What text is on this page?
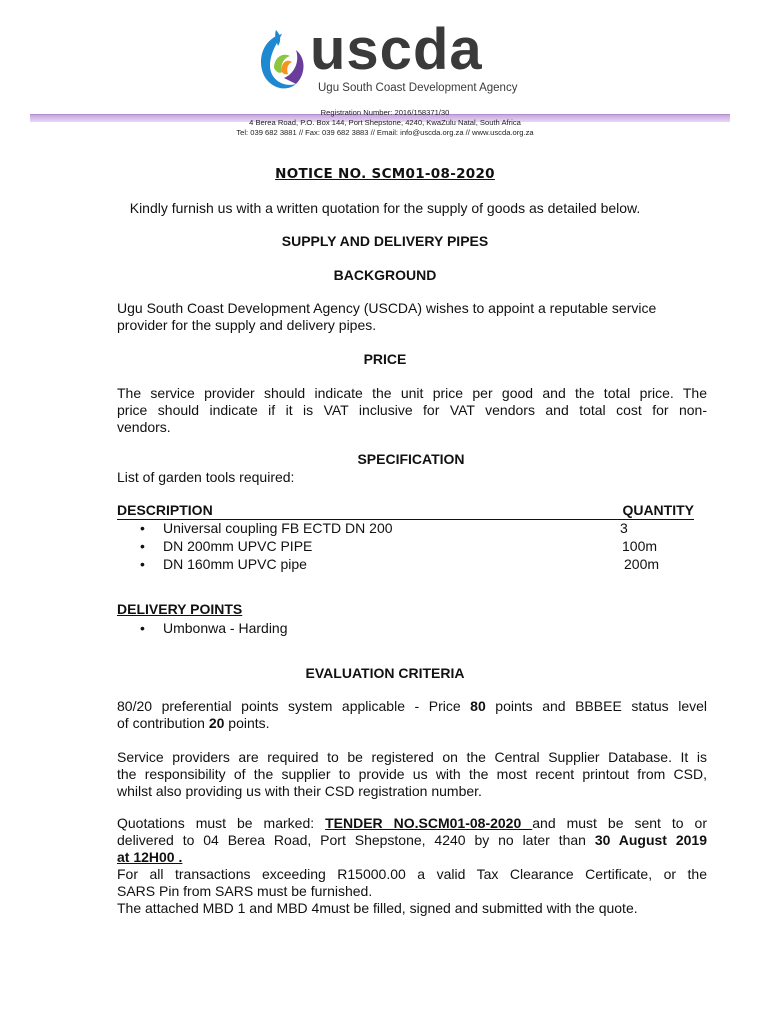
uscda
Ugu South Coast Development Agency
Registration Number: 2016/158371/30
4 Berea Road, P.O. Box 144, Port Shepstone, 4240, KwaZulu Natal, South Africa
Tel: 039 682 3881 // Fax: 039 682 3883 // Email: info@uscda.org.za // www.uscda.org.za
NOTICE NO. SCM01-08-2020
Kindly furnish us with a written quotation for the supply of goods as detailed below.
SUPPLY AND DELIVERY PIPES
BACKGROUND
Ugu South Coast Development Agency (USCDA) wishes to appoint a reputable service
provider for the supply and delivery pipes.
PRICE
The service provider should indicate the unit price per good and the total price. The
price should indicate if it is VAT inclusive for VAT vendors and total cost for non-
vendors.
SPECIFICATION
List of garden tools required:
DESCRIPTION	QUANTITY
• Universal coupling FB ECTD DN 200	3
• DN 200mm UPVC PIPE	100m
• DN 160mm UPVC pipe	200m
DELIVERY POINTS
• Umbonwa - Harding
EVALUATION CRITERIA
80/20 preferential points system applicable - Price 80 points and BBBEE status level
of contribution 20 points.
Service providers are required to be registered on the Central Supplier Database. It is
the responsibility of the supplier to provide us with the most recent printout from CSD,
whilst also providing us with their CSD registration number.
Quotations must be marked: TENDER NO.SCM01-08-2020 and must be sent to or
delivered to 04 Berea Road, Port Shepstone, 4240 by no later than 30 August 2019
at 12H00 .
For all transactions exceeding R15000.00 a valid Tax Clearance Certificate, or the
SARS Pin from SARS must be furnished.
The attached MBD 1 and MBD 4must be filled, signed and submitted with the quote.
